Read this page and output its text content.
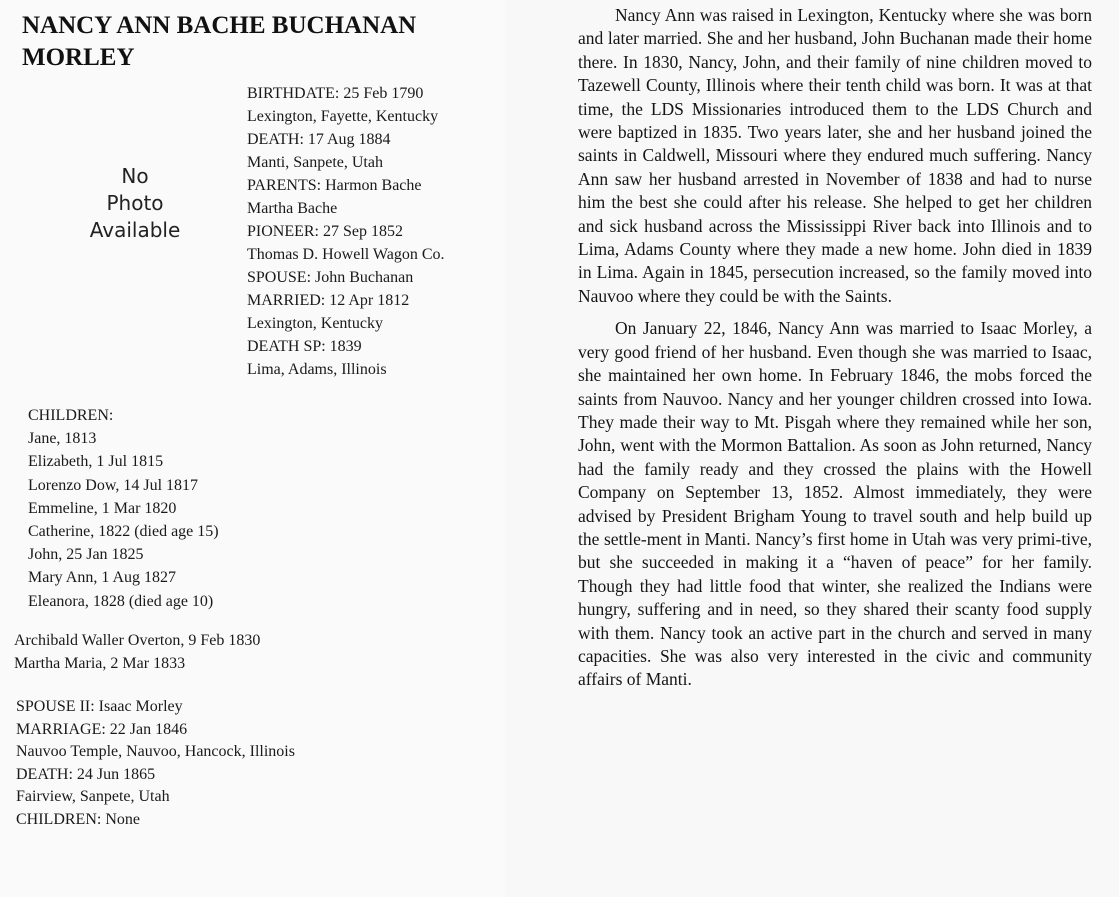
NANCY ANN BACHE BUCHANAN
MORLEY
No
Photo
Available
BIRTHDATE: 25 Feb 1790
Lexington, Fayette, Kentucky
DEATH: 17 Aug 1884
Manti, Sanpete, Utah
PARENTS: Harmon Bache
Martha Bache
PIONEER: 27 Sep 1852
Thomas D. Howell Wagon Co.
SPOUSE: John Buchanan
MARRIED: 12 Apr 1812
Lexington, Kentucky
DEATH SP: 1839
Lima, Adams, Illinois
CHILDREN:
Jane, 1813
Elizabeth, 1 Jul 1815
Lorenzo Dow, 14 Jul 1817
Emmeline, 1 Mar 1820
Catherine, 1822 (died age 15)
John, 25 Jan 1825
Mary Ann, 1 Aug 1827
Eleanora, 1828 (died age 10)
Archibald Waller Overton, 9 Feb 1830
Martha Maria, 2 Mar 1833
SPOUSE II: Isaac Morley
MARRIAGE: 22 Jan 1846
Nauvoo Temple, Nauvoo, Hancock, Illinois
DEATH: 24 Jun 1865
Fairview, Sanpete, Utah
CHILDREN: None

Nancy Ann was raised in Lexington, Kentucky where she was born and later married. She and her husband, John Buchanan made their home there. In 1830, Nancy, John, and their family of nine children moved to Tazewell County, Illinois where their tenth child was born. It was at that time, the LDS Missionaries introduced them to the LDS Church and were baptized in 1835. Two years later, she and her husband joined the saints in Caldwell, Missouri where they endured much suffering. Nancy Ann saw her husband arrested in November of 1838 and had to nurse him the best she could after his release. She helped to get her children and sick husband across the Mississippi River back into Illinois and to Lima, Adams County where they made a new home. John died in 1839 in Lima. Again in 1845, persecution increased, so the family moved into Nauvoo where they could be with the Saints.

On January 22, 1846, Nancy Ann was married to Isaac Morley, a very good friend of her husband. Even though she was married to Isaac, she maintained her own home. In February 1846, the mobs forced the saints from Nauvoo. Nancy and her younger children crossed into Iowa. They made their way to Mt. Pisgah where they remained while her son, John, went with the Mormon Battalion. As soon as John returned, Nancy had the family ready and they crossed the plains with the Howell Company on September 13, 1852. Almost immediately, they were advised by President Brigham Young to travel south and help build up the settle-ment in Manti. Nancy’s first home in Utah was very primi-tive, but she succeeded in making it a “haven of peace” for her family. Though they had little food that winter, she realized the Indians were hungry, suffering and in need, so they shared their scanty food supply with them. Nancy took an active part in the church and served in many capacities. She was also very interested in the civic and community affairs of Manti.
